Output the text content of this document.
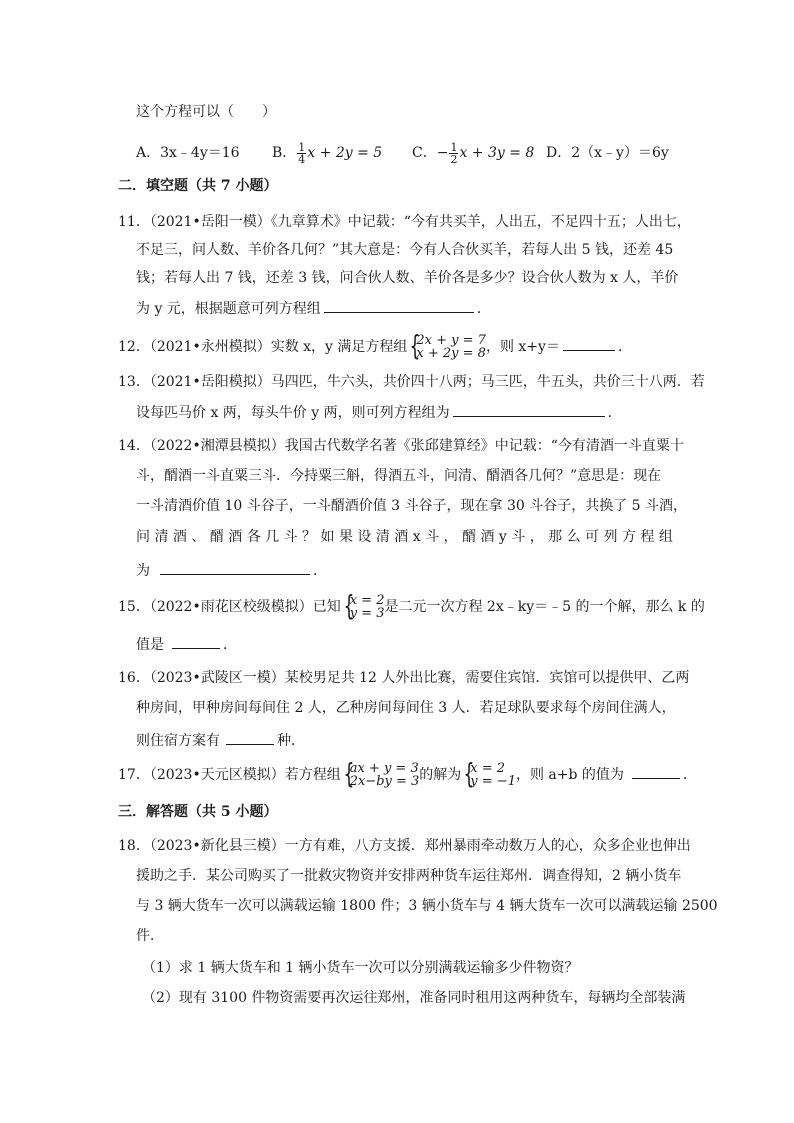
这个方程可以（　　）
A．3x﹣4y＝16 B． $\frac{1}{4}$ x + 2y = 5 C．− $\frac{1}{2}$ x + 3y = 8 D．2（x﹣y）＝6y
二．填空题（共 7 小题）
11．（2021•岳阳一模）《九章算术》中记载：“今有共买羊，人出五，不足四十五；人出七，
不足三，问人数、羊价各几何？”其大意是：今有人合伙买羊，若每人出 5 钱，还差 45
钱；若每人出 7 钱，还差 3 钱，问合伙人数、羊价各是多少？设合伙人数为 x 人，羊价
为 y 元，根据题意可列方程组	．
12．（2021•永州模拟）实数 x，y 满足方程组 { 2x + y = 7
x + 2y = 8 ，则 x+y＝	．
13．（2021•岳阳模拟）马四匹，牛六头，共价四十八两；马三匹，牛五头，共价三十八两．若
设每匹马价 x 两，每头牛价 y 两，则可列方程组为	．
14．（2022•湘潭县模拟）我国古代数学名著《张邱建算经》中记载：“今有清酒一斗直粟十
斗，醑酒一斗直粟三斗．今持粟三斛，得酒五斗，问清、醑酒各几何？”意思是：现在
一斗清酒价值 10 斗谷子，一斗醑酒价值 3 斗谷子，现在拿 30 斗谷子，共换了 5 斗酒，
问 清 酒 、 醑 酒 各 几 斗 ？ 如 果 设 清 酒 x 斗 ， 醑 酒 y 斗 ， 那 么 可 列 方 程 组
为	．
15．（2022•雨花区校级模拟）已知 { x = 2
y = 3 是二元一次方程 2x﹣ky＝﹣5 的一个解，那么 k 的
值是	．
16．（2023•武陵区一模）某校男足共 12 人外出比赛，需要住宾馆．宾馆可以提供甲、乙两
种房间，甲种房间每间住 2 人，乙种房间每间住 3 人．若足球队要求每个房间住满人，
则住宿方案有	种．
17．（2023•天元区模拟）若方程组 { ax + y = 3
2x−by = 3 的解为 { x = 2
y = −1 ，则 a+b 的值为	．
三．解答题（共 5 小题）
18．（2023•新化县三模）一方有难，八方支援．郑州暴雨牵动数万人的心，众多企业也伸出
援助之手．某公司购买了一批救灾物资并安排两种货车运往郑州．调查得知，2 辆小货车
与 3 辆大货车一次可以满载运输 1800 件；3 辆小货车与 4 辆大货车一次可以满载运输 2500
件．
（1）求 1 辆大货车和 1 辆小货车一次可以分别满载运输多少件物资？
（2）现有 3100 件物资需要再次运往郑州，准备同时租用这两种货车，每辆均全部装满
